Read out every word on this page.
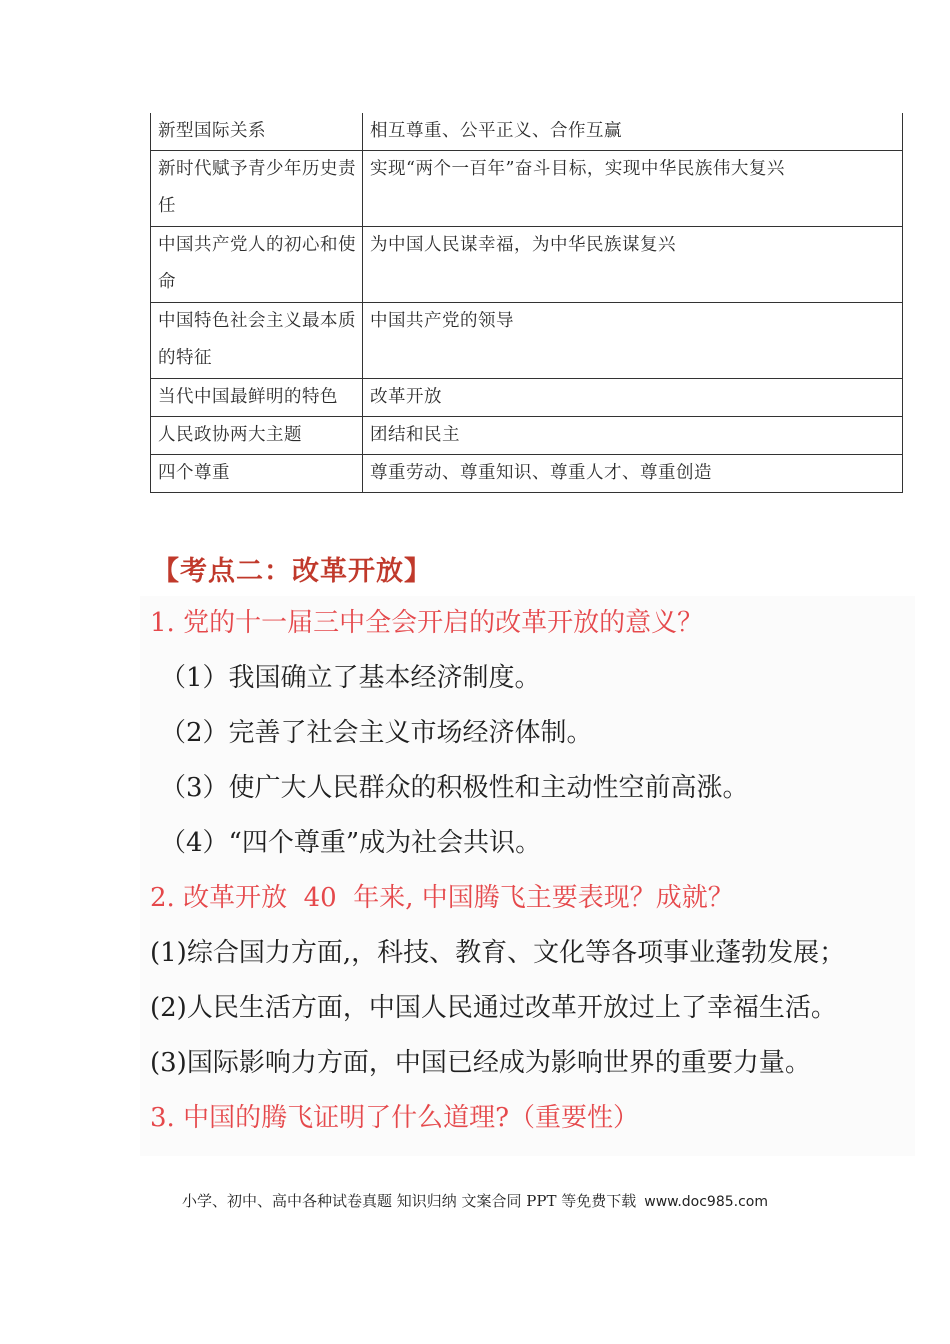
新型国际关系	相互尊重、公平正义、合作互赢
新时代赋予青少年历史责任	实现“两个一百年”奋斗目标，实现中华民族伟大复兴
中国共产党人的初心和使命	为中国人民谋幸福，为中华民族谋复兴
中国特色社会主义最本质的特征	中国共产党的领导
当代中国最鲜明的特色	改革开放
人民政协两大主题	团结和民主
四个尊重	尊重劳动、尊重知识、尊重人才、尊重创造
【考点二：改革开放】
1. 党的十一届三中全会开启的改革开放的意义？
（1）我国确立了基本经济制度。
（2）完善了社会主义市场经济体制。
（3）使广大人民群众的积极性和主动性空前高涨。
（4）“四个尊重”成为社会共识。
2. 改革开放  40  年来, 中国腾飞主要表现？成就？
(1)综合国力方面,，科技、教育、文化等各项事业蓬勃发展；
(2)人民生活方面，中国人民通过改革开放过上了幸福生活。
(3)国际影响力方面，中国已经成为影响世界的重要力量。
3. 中国的腾飞证明了什么道理?（重要性）
小学、初中、高中各种试卷真题 知识归纳 文案合同 PPT 等免费下载 www.doc985.com
